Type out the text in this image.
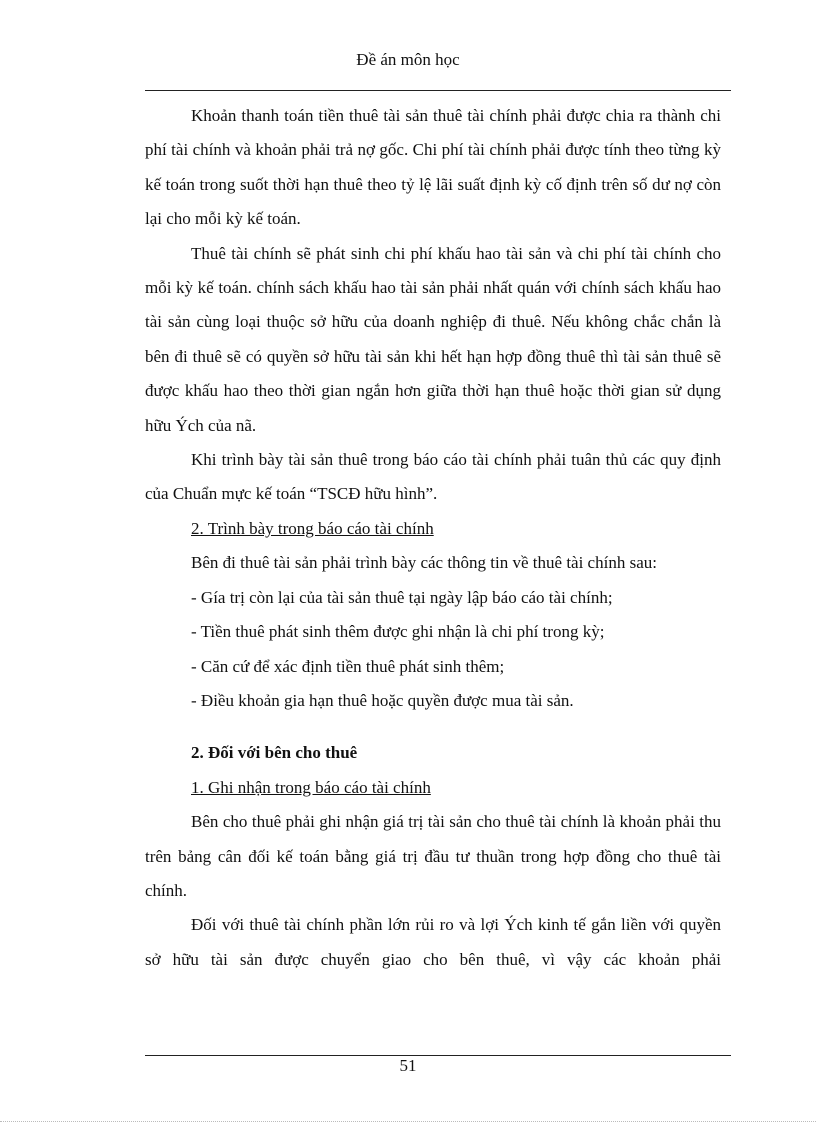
Đề án môn học

Khoản thanh toán tiền thuê tài sản thuê tài chính phải được chia ra thành chi phí tài chính và khoản phải trả nợ gốc. Chi phí tài chính phải được tính theo từng kỳ kế toán trong suốt thời hạn thuê theo tỷ lệ lãi suất định kỳ cố định trên số dư nợ còn lại cho mỗi kỳ kế toán.

Thuê tài chính sẽ phát sinh chi phí khấu hao tài sản và chi phí tài chính cho mỗi kỳ kế toán. chính sách khấu hao tài sản phải nhất quán với chính sách khấu hao tài sản cùng loại thuộc sở hữu của doanh nghiệp đi thuê. Nếu không chắc chắn là bên đi thuê sẽ có quyền sở hữu tài sản khi hết hạn hợp đồng thuê thì tài sản thuê sẽ được khấu hao theo thời gian ngắn hơn giữa thời hạn thuê hoặc thời gian sử dụng hữu Ých của nã.

Khi trình bày tài sản thuê trong báo cáo tài chính phải tuân thủ các quy định của Chuẩn mực kế toán “TSCĐ hữu hình”.

2. Trình bày trong báo cáo tài chính

Bên đi thuê tài sản phải trình bày các thông tin về thuê tài chính sau:

- Gía trị còn lại của tài sản thuê tại ngày lập báo cáo tài chính;

- Tiền thuê phát sinh thêm được ghi nhận là chi phí trong kỳ;

- Căn cứ để xác định tiền thuê phát sinh thêm;

- Điều khoản gia hạn thuê hoặc quyền được mua tài sản.

2. Đối với bên cho thuê

1. Ghi nhận trong báo cáo tài chính

Bên cho thuê phải ghi nhận giá trị tài sản cho thuê tài chính là khoản phải thu trên bảng cân đối kế toán bằng giá trị đầu tư thuần trong hợp đồng cho thuê tài chính.

Đối với thuê tài chính phần lớn rủi ro và lợi Ých kinh tế gắn liền với quyền sở hữu tài sản được chuyển giao cho bên thuê, vì vậy các khoản phải

51
